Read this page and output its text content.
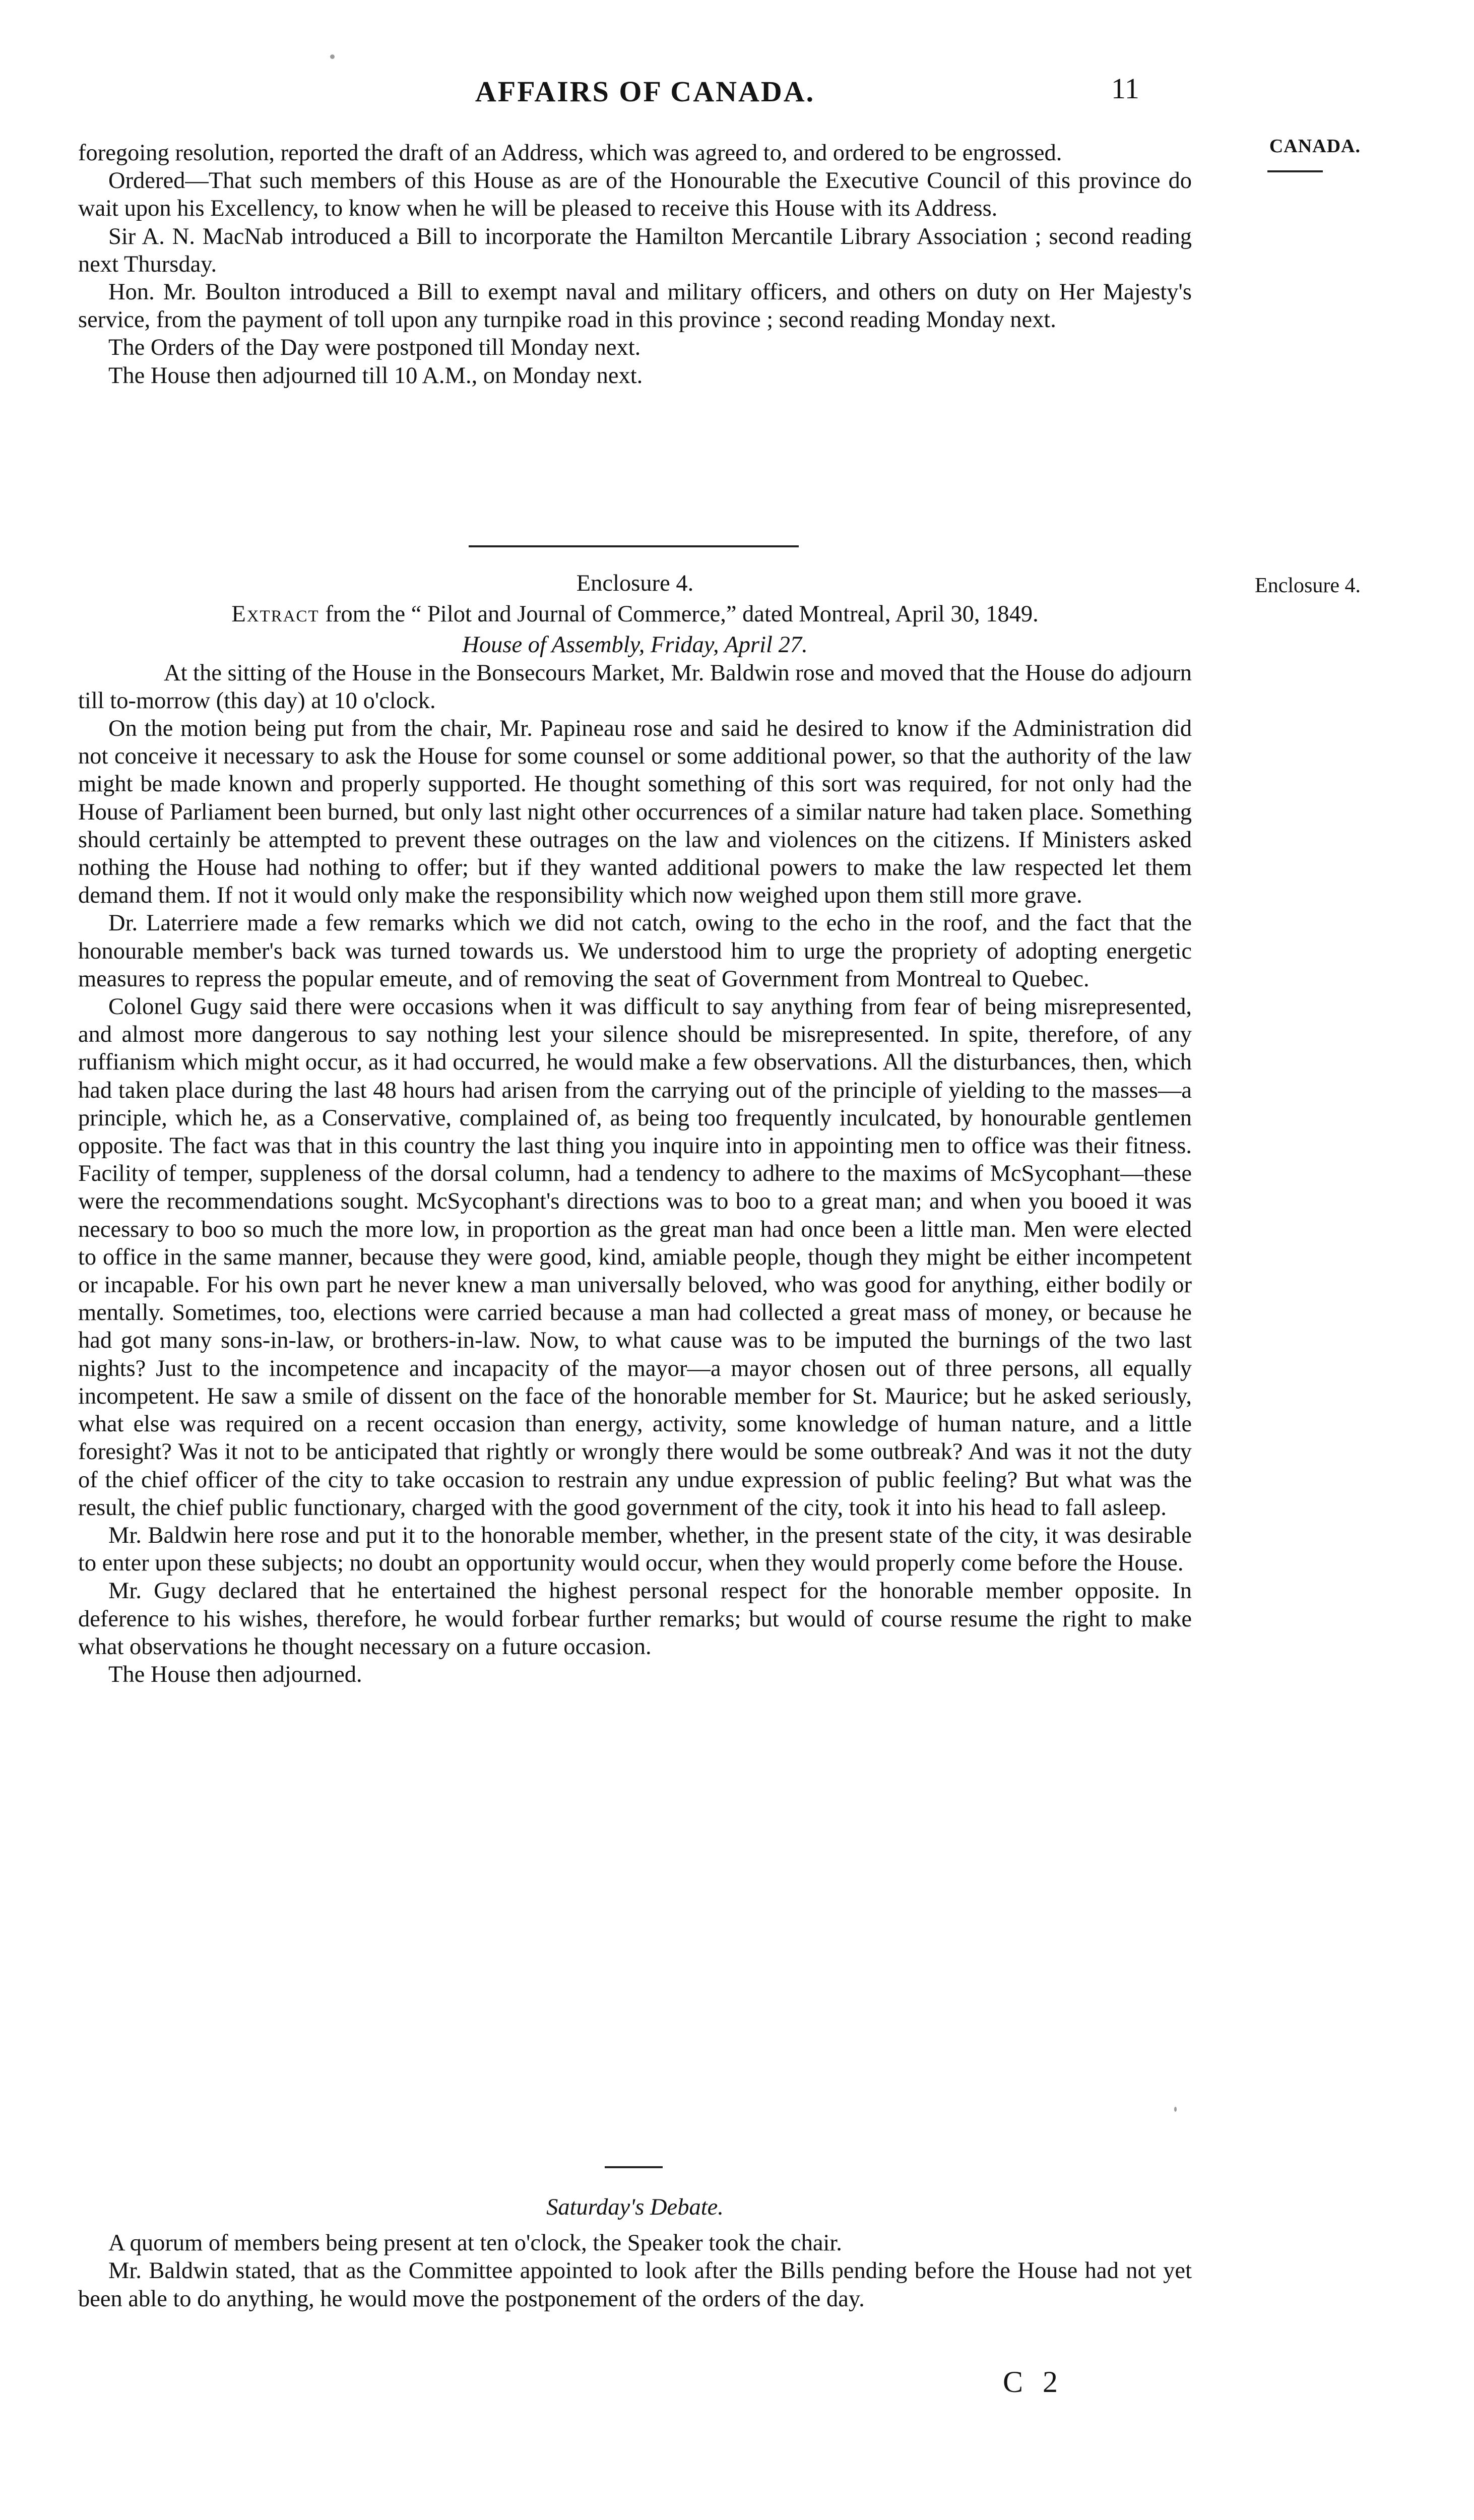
AFFAIRS OF CANADA.	11
CANADA.

foregoing resolution, reported the draft of an Address, which was agreed to, and ordered to be engrossed.

Ordered—That such members of this House as are of the Honourable the Executive Council of this province do wait upon his Excellency, to know when he will be pleased to receive this House with its Address.

Sir A. N. MacNab introduced a Bill to incorporate the Hamilton Mercantile Library Association ; second reading next Thursday.

Hon. Mr. Boulton introduced a Bill to exempt naval and military officers, and others on duty on Her Majesty's service, from the payment of toll upon any turnpike road in this province ; second reading Monday next.

The Orders of the Day were postponed till Monday next.

The House then adjourned till 10 A.M., on Monday next.

Enclosure 4.

Enclosure 4.

Extract from the “ Pilot and Journal of Commerce,” dated Montreal, April 30, 1849.

House of Assembly, Friday, April 27.

At the sitting of the House in the Bonsecours Market, Mr. Baldwin rose and moved that the House do adjourn till to-morrow (this day) at 10 o'clock.

On the motion being put from the chair, Mr. Papineau rose and said he desired to know if the Administration did not conceive it necessary to ask the House for some counsel or some additional power, so that the authority of the law might be made known and properly supported. He thought something of this sort was required, for not only had the House of Parliament been burned, but only last night other occurrences of a similar nature had taken place. Something should certainly be attempted to prevent these outrages on the law and violences on the citizens. If Ministers asked nothing the House had nothing to offer; but if they wanted additional powers to make the law respected let them demand them. If not it would only make the responsibility which now weighed upon them still more grave.

Dr. Laterriere made a few remarks which we did not catch, owing to the echo in the roof, and the fact that the honourable member's back was turned towards us. We understood him to urge the propriety of adopting energetic measures to repress the popular emeute, and of removing the seat of Government from Montreal to Quebec.

Colonel Gugy said there were occasions when it was difficult to say anything from fear of being misrepresented, and almost more dangerous to say nothing lest your silence should be misrepresented. In spite, therefore, of any ruffianism which might occur, as it had occurred, he would make a few observations. All the disturbances, then, which had taken place during the last 48 hours had arisen from the carrying out of the principle of yielding to the masses—a principle, which he, as a Conservative, complained of, as being too frequently inculcated, by honourable gentlemen opposite. The fact was that in this country the last thing you inquire into in appointing men to office was their fitness. Facility of temper, suppleness of the dorsal column, had a tendency to adhere to the maxims of McSycophant—these were the recommendations sought. McSycophant's directions was to boo to a great man; and when you booed it was necessary to boo so much the more low, in proportion as the great man had once been a little man. Men were elected to office in the same manner, because they were good, kind, amiable people, though they might be either incompetent or incapable. For his own part he never knew a man universally beloved, who was good for anything, either bodily or mentally. Sometimes, too, elections were carried because a man had collected a great mass of money, or because he had got many sons-in-law, or brothers-in-law. Now, to what cause was to be imputed the burnings of the two last nights? Just to the incompetence and incapacity of the mayor—a mayor chosen out of three persons, all equally incompetent. He saw a smile of dissent on the face of the honorable member for St. Maurice; but he asked seriously, what else was required on a recent occasion than energy, activity, some knowledge of human nature, and a little foresight? Was it not to be anticipated that rightly or wrongly there would be some outbreak? And was it not the duty of the chief officer of the city to take occasion to restrain any undue expression of public feeling? But what was the result, the chief public functionary, charged with the good government of the city, took it into his head to fall asleep.

Mr. Baldwin here rose and put it to the honorable member, whether, in the present state of the city, it was desirable to enter upon these subjects; no doubt an opportunity would occur, when they would properly come before the House.

Mr. Gugy declared that he entertained the highest personal respect for the honorable member opposite. In deference to his wishes, therefore, he would forbear further remarks; but would of course resume the right to make what observations he thought necessary on a future occasion.

The House then adjourned.

Saturday's Debate.

A quorum of members being present at ten o'clock, the Speaker took the chair.

Mr. Baldwin stated, that as the Committee appointed to look after the Bills pending before the House had not yet been able to do anything, he would move the postponement of the orders of the day.

C 2
